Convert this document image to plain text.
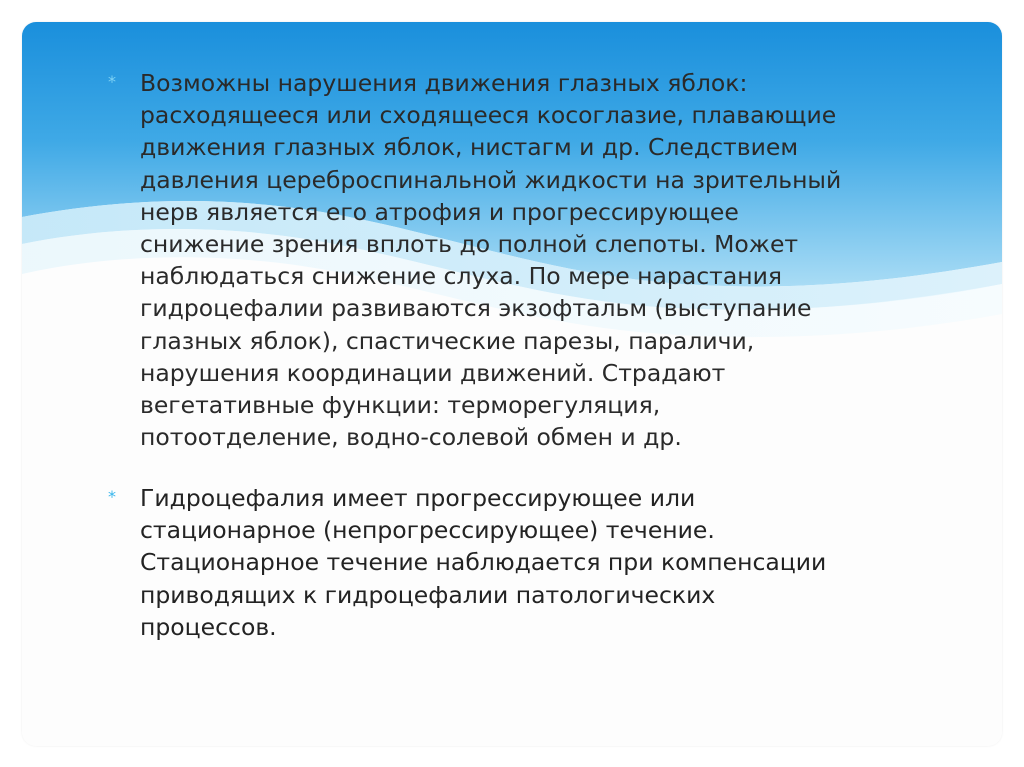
* Возможны нарушения движения глазных яблок:
расходящееся или сходящееся косоглазие, плавающие
движения глазных яблок, нистагм и др. Следствием
давления цереброспинальной жидкости на зрительный
нерв является его атрофия и прогрессирующее
снижение зрения вплоть до полной слепоты. Может
наблюдаться снижение слуха. По мере нарастания
гидроцефалии развиваются экзофтальм (выступание
глазных яблок), спастические парезы, параличи,
нарушения координации движений. Страдают
вегетативные функции: терморегуляция,
потоотделение, водно-солевой обмен и др.

* Гидроцефалия имеет прогрессирующее или
стационарное (непрогрессирующее) течение.
Стационарное течение наблюдается при компенсации
приводящих к гидроцефалии патологических
процессов.
